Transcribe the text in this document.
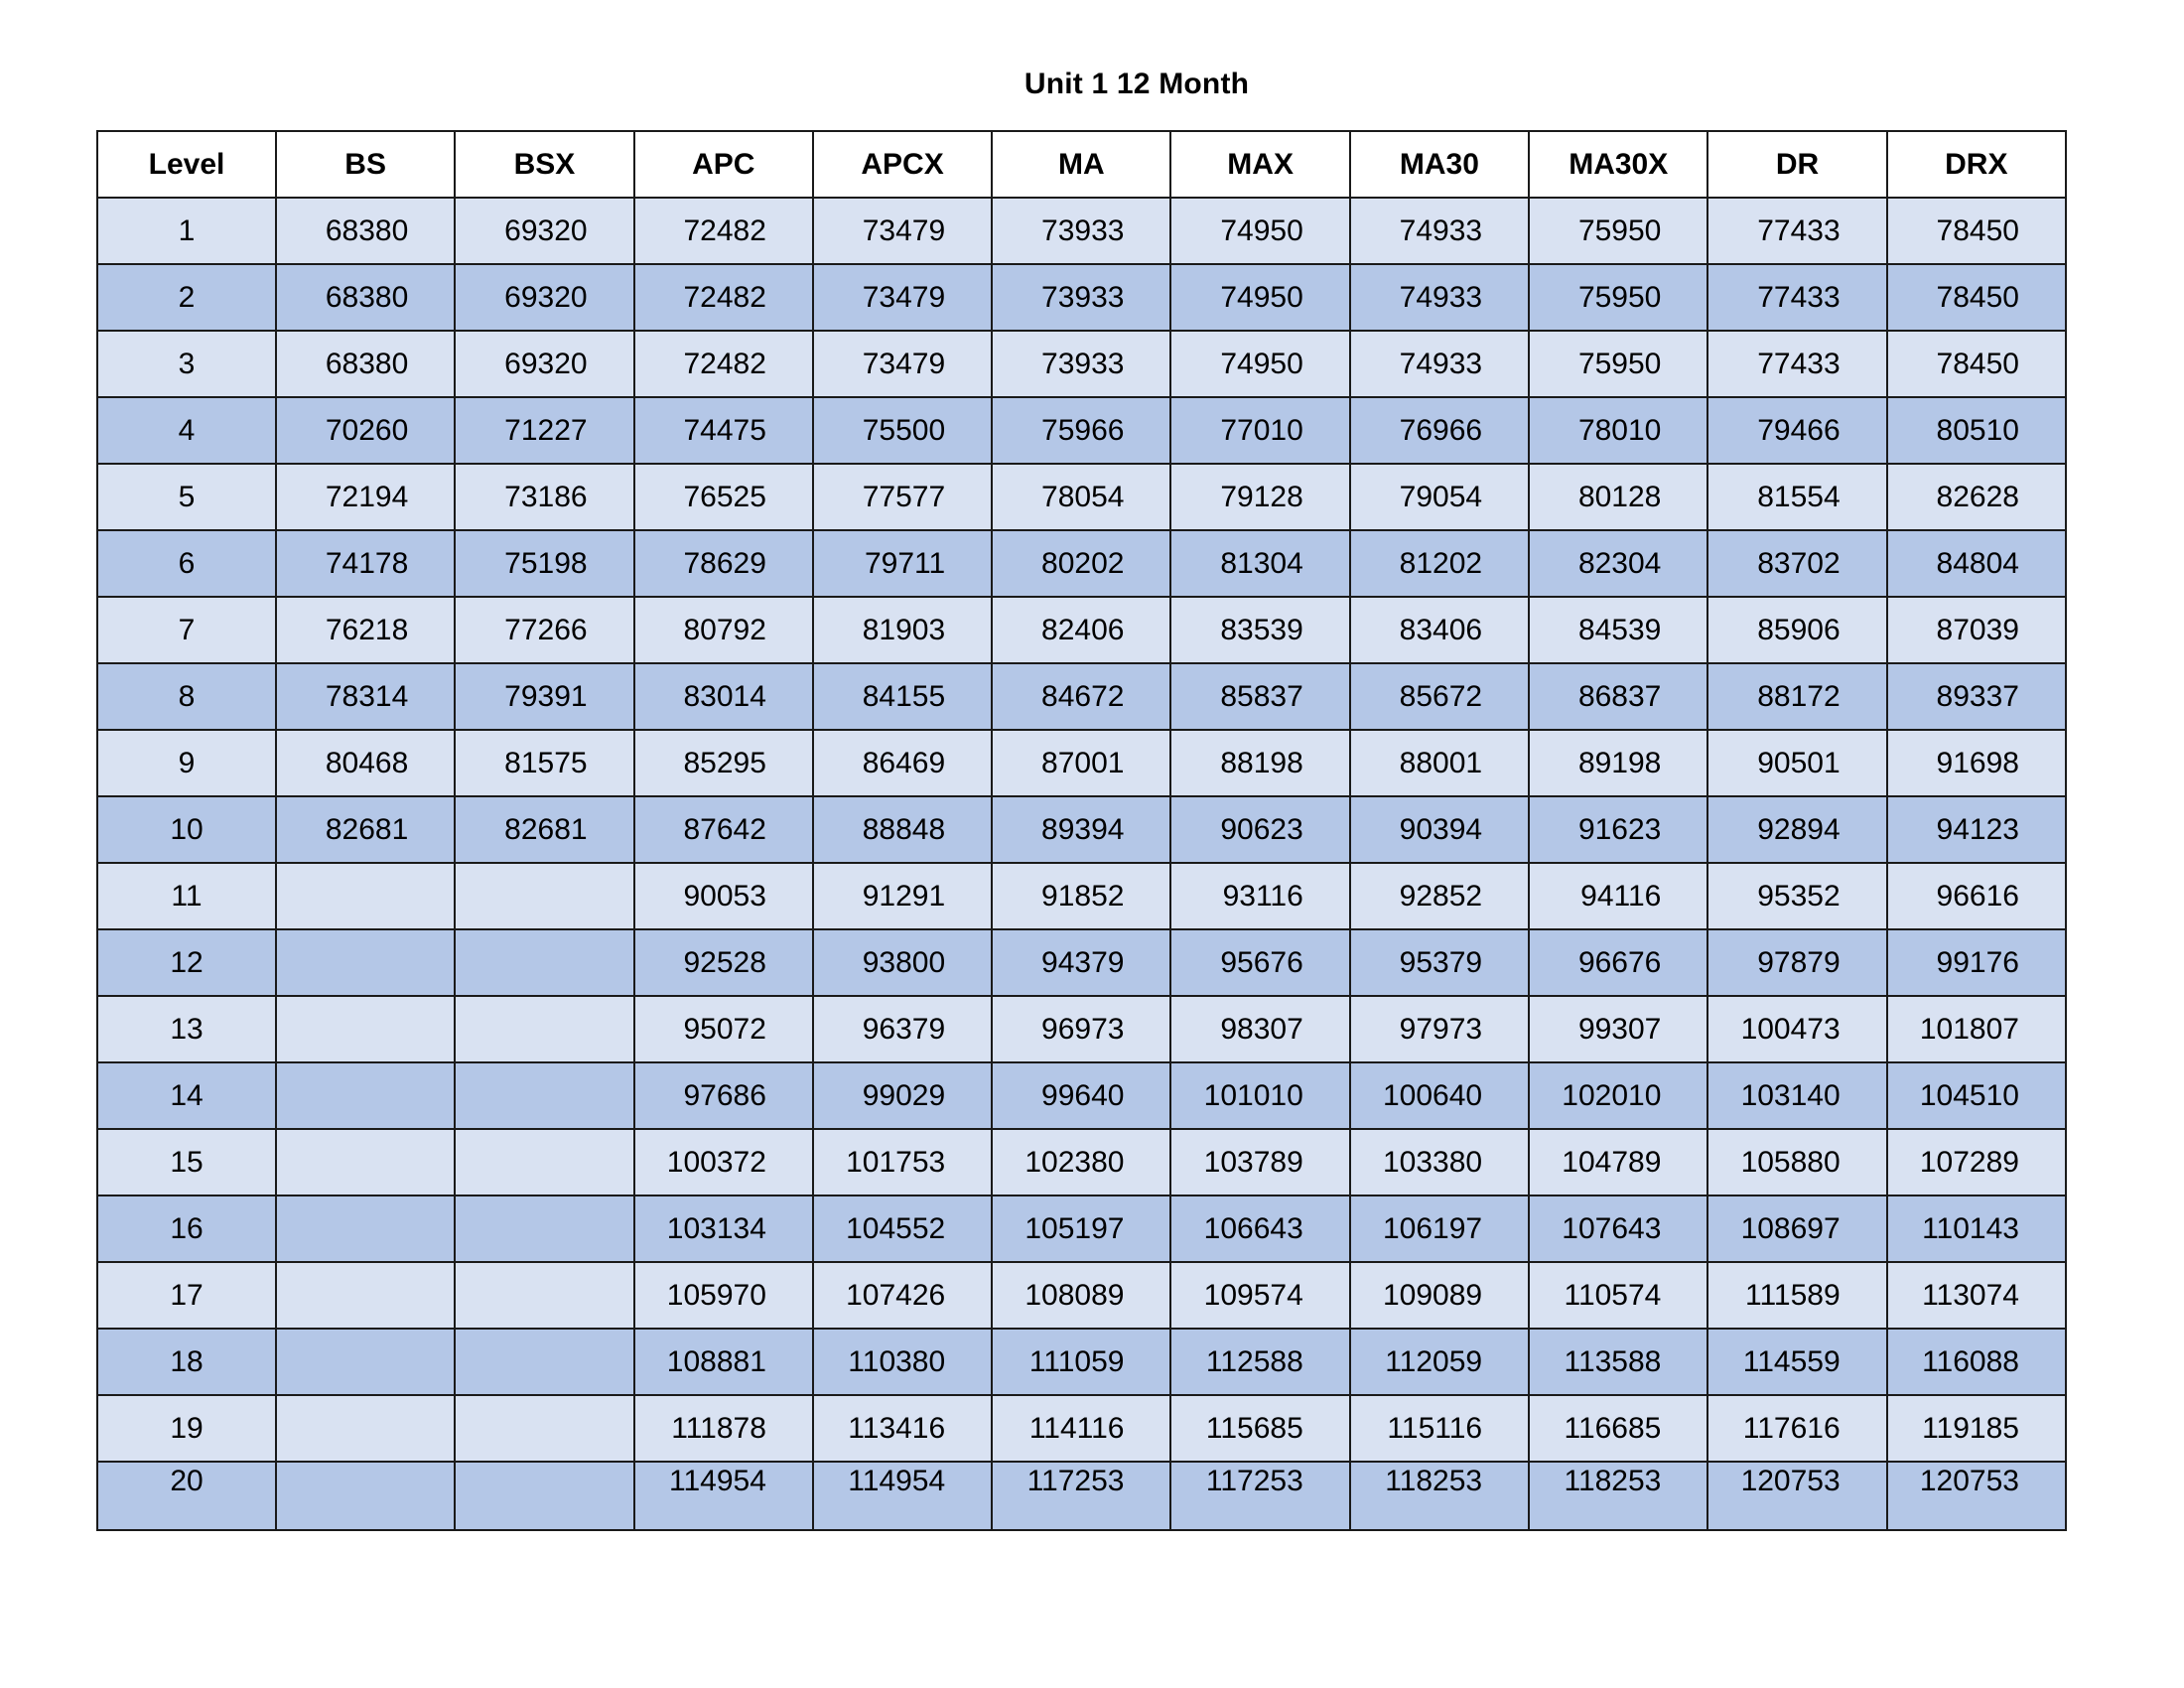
Unit 1 12 Month
Level	BS	BSX	APC	APCX	MA	MAX	MA30	MA30X	DR	DRX
1	68380	69320	72482	73479	73933	74950	74933	75950	77433	78450
2	68380	69320	72482	73479	73933	74950	74933	75950	77433	78450
3	68380	69320	72482	73479	73933	74950	74933	75950	77433	78450
4	70260	71227	74475	75500	75966	77010	76966	78010	79466	80510
5	72194	73186	76525	77577	78054	79128	79054	80128	81554	82628
6	74178	75198	78629	79711	80202	81304	81202	82304	83702	84804
7	76218	77266	80792	81903	82406	83539	83406	84539	85906	87039
8	78314	79391	83014	84155	84672	85837	85672	86837	88172	89337
9	80468	81575	85295	86469	87001	88198	88001	89198	90501	91698
10	82681	82681	87642	88848	89394	90623	90394	91623	92894	94123
11			90053	91291	91852	93116	92852	94116	95352	96616
12			92528	93800	94379	95676	95379	96676	97879	99176
13			95072	96379	96973	98307	97973	99307	100473	101807
14			97686	99029	99640	101010	100640	102010	103140	104510
15			100372	101753	102380	103789	103380	104789	105880	107289
16			103134	104552	105197	106643	106197	107643	108697	110143
17			105970	107426	108089	109574	109089	110574	111589	113074
18			108881	110380	111059	112588	112059	113588	114559	116088
19			111878	113416	114116	115685	115116	116685	117616	119185
20			114954	114954	117253	117253	118253	118253	120753	120753
